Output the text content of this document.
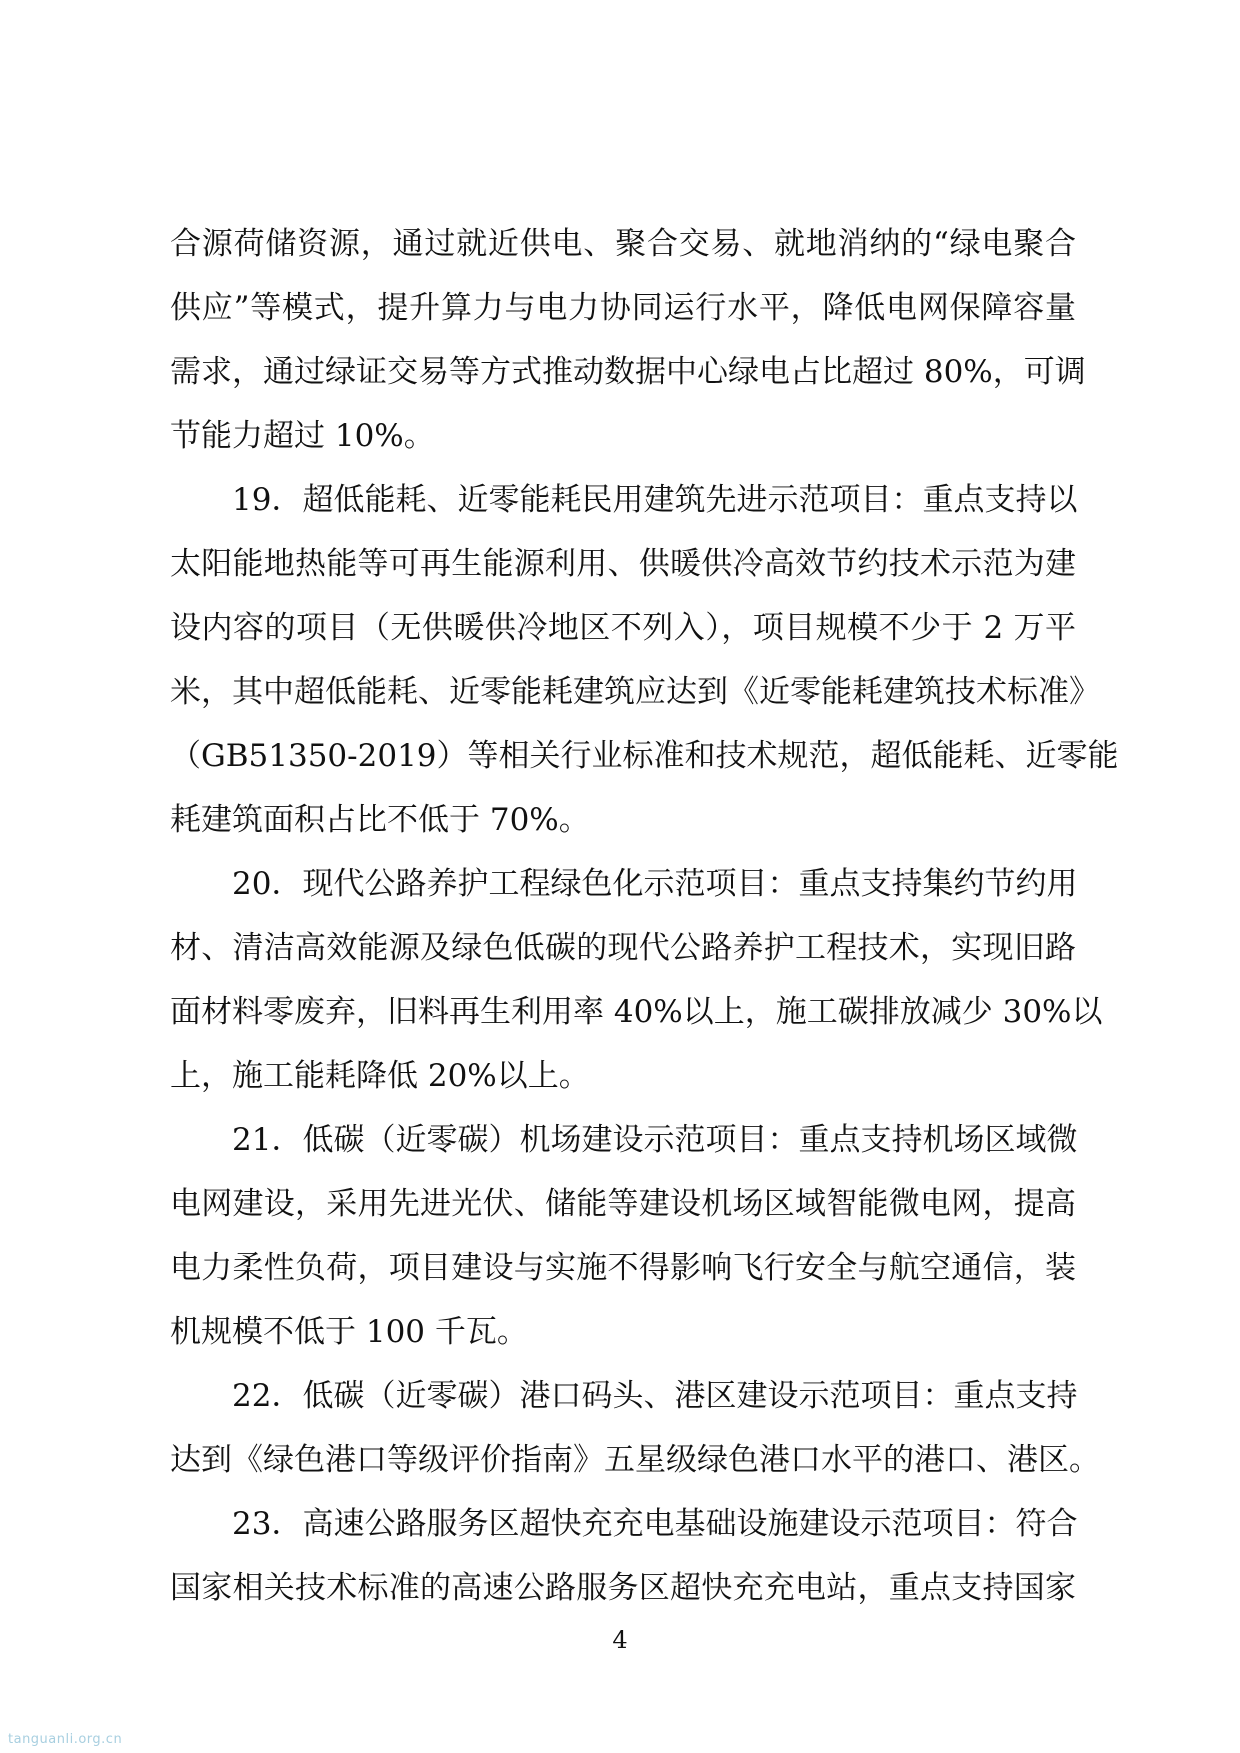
合源荷储资源，通过就近供电、聚合交易、就地消纳的“绿电聚合
供应”等模式，提升算力与电力协同运行水平，降低电网保障容量
需求，通过绿证交易等方式推动数据中心绿电占比超过 80%，可调
节能力超过 10%。
19．超低能耗、近零能耗民用建筑先进示范项目：重点支持以
太阳能地热能等可再生能源利用、供暖供冷高效节约技术示范为建
设内容的项目（无供暖供冷地区不列入），项目规模不少于 2 万平
米，其中超低能耗、近零能耗建筑应达到《近零能耗建筑技术标准》
（GB51350-2019）等相关行业标准和技术规范，超低能耗、近零能
耗建筑面积占比不低于 70%。
20．现代公路养护工程绿色化示范项目：重点支持集约节约用
材、清洁高效能源及绿色低碳的现代公路养护工程技术，实现旧路
面材料零废弃，旧料再生利用率 40%以上，施工碳排放减少 30%以
上，施工能耗降低 20%以上。
21．低碳（近零碳）机场建设示范项目：重点支持机场区域微
电网建设，采用先进光伏、储能等建设机场区域智能微电网，提高
电力柔性负荷，项目建设与实施不得影响飞行安全与航空通信，装
机规模不低于 100 千瓦。
22．低碳（近零碳）港口码头、港区建设示范项目：重点支持
达到《绿色港口等级评价指南》五星级绿色港口水平的港口、港区。
23．高速公路服务区超快充充电基础设施建设示范项目：符合
国家相关技术标准的高速公路服务区超快充充电站，重点支持国家
4
tanguanli.org.cn
